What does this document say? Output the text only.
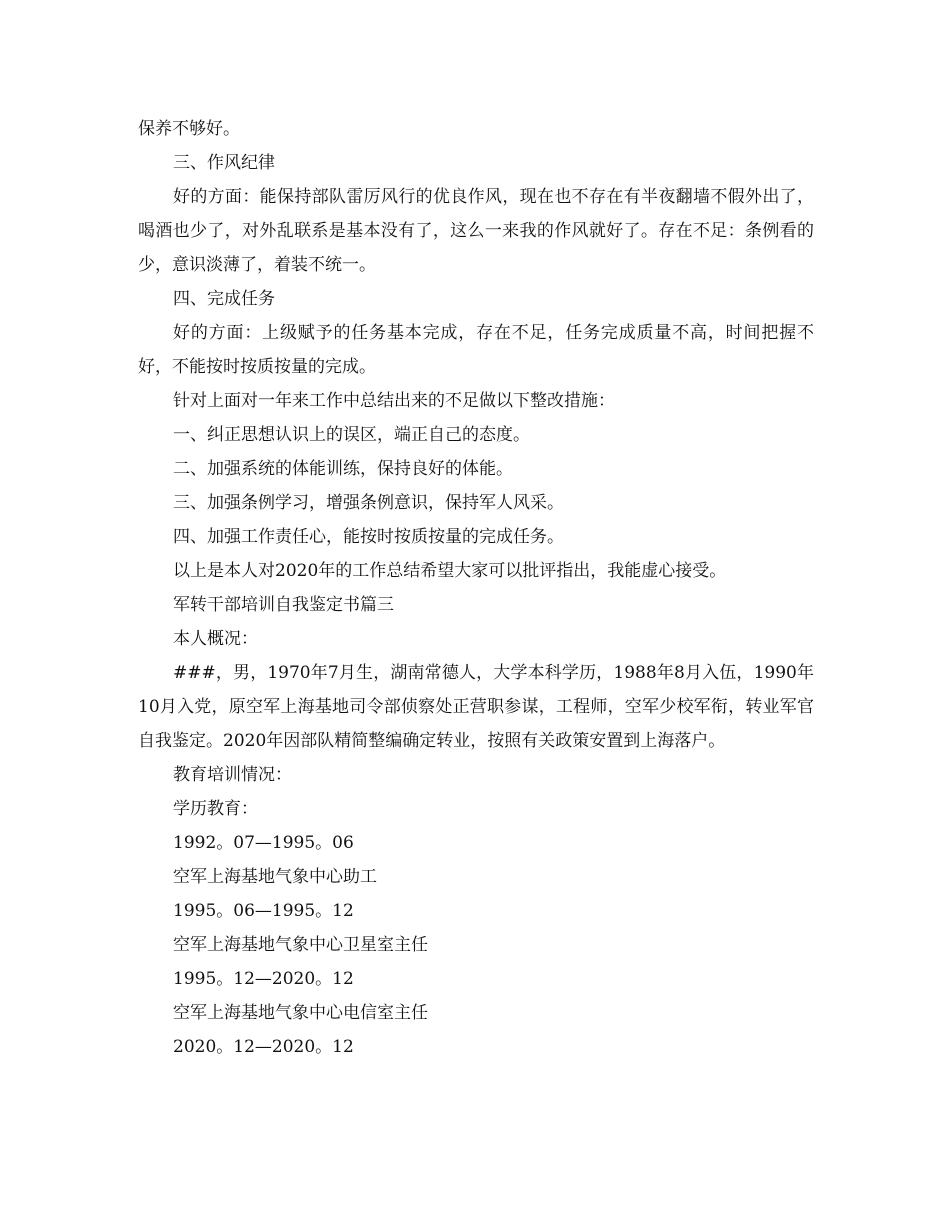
保养不够好。

三、作风纪律

好的方面：能保持部队雷厉风行的优良作风，现在也不存在有半夜翻墙不假外出了，喝酒也少了，对外乱联系是基本没有了，这么一来我的作风就好了。存在不足：条例看的少，意识淡薄了，着装不统一。

四、完成任务

好的方面：上级赋予的任务基本完成，存在不足，任务完成质量不高，时间把握不好，不能按时按质按量的完成。

针对上面对一年来工作中总结出来的不足做以下整改措施：

一、纠正思想认识上的误区，端正自己的态度。

二、加强系统的体能训练，保持良好的体能。

三、加强条例学习，增强条例意识，保持军人风采。

四、加强工作责任心，能按时按质按量的完成任务。

以上是本人对2020年的工作总结希望大家可以批评指出，我能虚心接受。

军转干部培训自我鉴定书篇三

本人概况：

###，男，1970年7月生，湖南常德人，大学本科学历，1988年8月入伍，1990年10月入党，原空军上海基地司令部侦察处正营职参谋，工程师，空军少校军衔，转业军官自我鉴定。2020年因部队精简整编确定转业，按照有关政策安置到上海落户。

教育培训情况：

学历教育：

1992。07—1995。06

空军上海基地气象中心助工

1995。06—1995。12

空军上海基地气象中心卫星室主任

1995。12—2020。12

空军上海基地气象中心电信室主任

2020。12—2020。12
